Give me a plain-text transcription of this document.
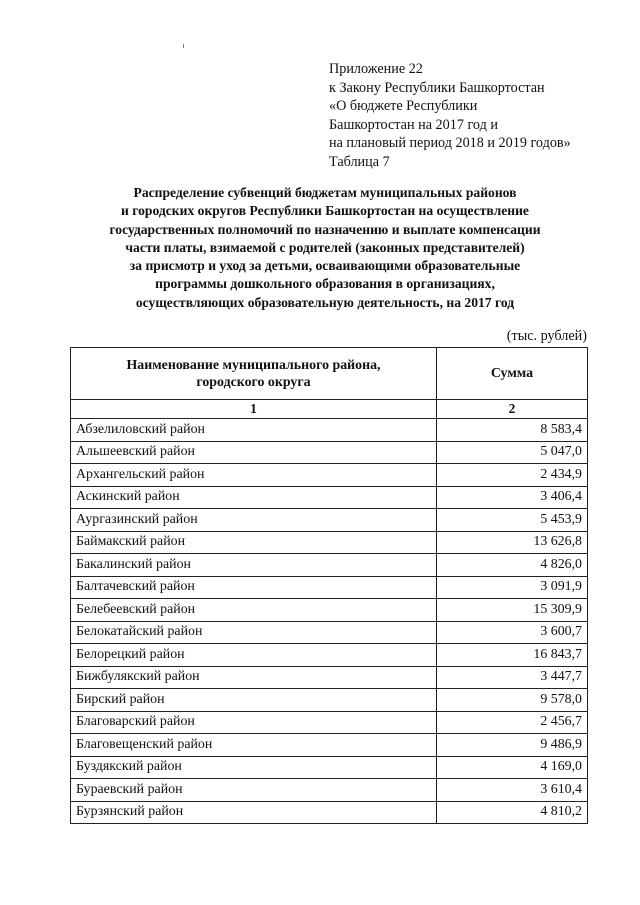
Приложение 22
к Закону Республики Башкортостан
«О бюджете Республики
Башкортостан на 2017 год и
на плановый период 2018 и 2019 годов»
Таблица 7
Распределение субвенций бюджетам муниципальных районов
и городских округов Республики Башкортостан на осуществление
государственных полномочий по назначению и выплате компенсации
части платы, взимаемой с родителей (законных представителей)
за присмотр и уход за детьми, осваивающими образовательные
программы дошкольного образования в организациях,
осуществляющих образовательную деятельность, на 2017 год
(тыс. рублей)
Наименование муниципального района,
городского округа	Сумма
1	2
Абзелиловский район	8 583,4
Альшеевский район	5 047,0
Архангельский район	2 434,9
Аскинский район	3 406,4
Аургазинский район	5 453,9
Баймакский район	13 626,8
Бакалинский район	4 826,0
Балтачевский район	3 091,9
Белебеевский район	15 309,9
Белокатайский район	3 600,7
Белорецкий район	16 843,7
Бижбулякский район	3 447,7
Бирский район	9 578,0
Благоварский район	2 456,7
Благовещенский район	9 486,9
Буздякский район	4 169,0
Бураевский район	3 610,4
Бурзянский район	4 810,2
